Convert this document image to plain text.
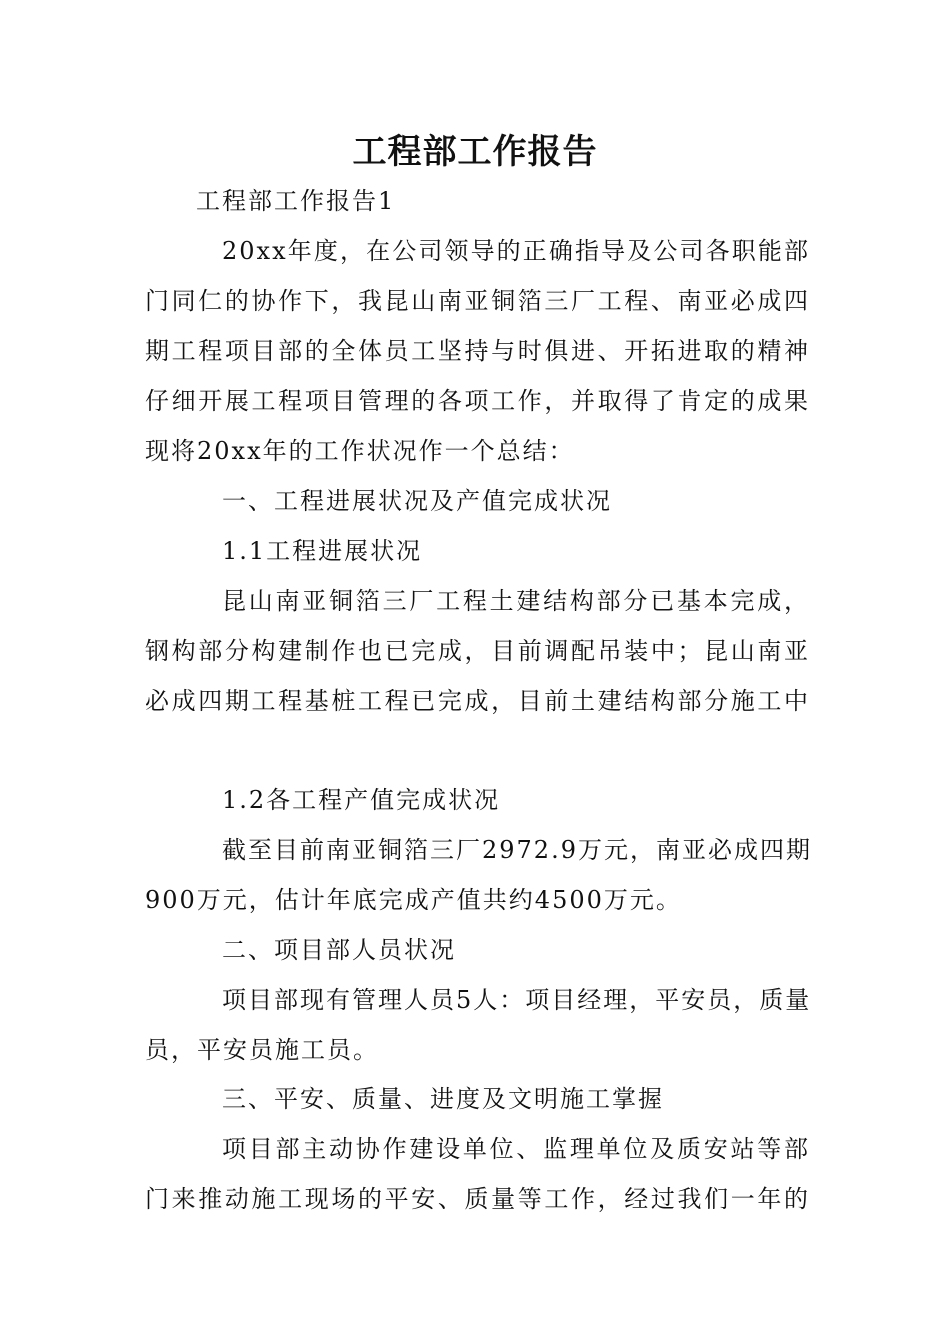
工程部工作报告

工程部工作报告1

20xx年度，在公司领导的正确指导及公司各职能部

门同仁的协作下，我昆山南亚铜箔三厂工程、南亚必成四

期工程项目部的全体员工坚持与时俱进、开拓进取的精神

仔细开展工程项目管理的各项工作，并取得了肯定的成果

现将20xx年的工作状况作一个总结：

一、工程进展状况及产值完成状况

1.1工程进展状况

昆山南亚铜箔三厂工程土建结构部分已基本完成，

钢构部分构建制作也已完成，目前调配吊装中；昆山南亚

必成四期工程基桩工程已完成，目前土建结构部分施工中

1.2各工程产值完成状况

截至目前南亚铜箔三厂2972.9万元，南亚必成四期

900万元，估计年底完成产值共约4500万元。

二、项目部人员状况

项目部现有管理人员5人：项目经理，平安员，质量

员，平安员施工员。

三、平安、质量、进度及文明施工掌握

项目部主动协作建设单位、监理单位及质安站等部

门来推动施工现场的平安、质量等工作，经过我们一年的
